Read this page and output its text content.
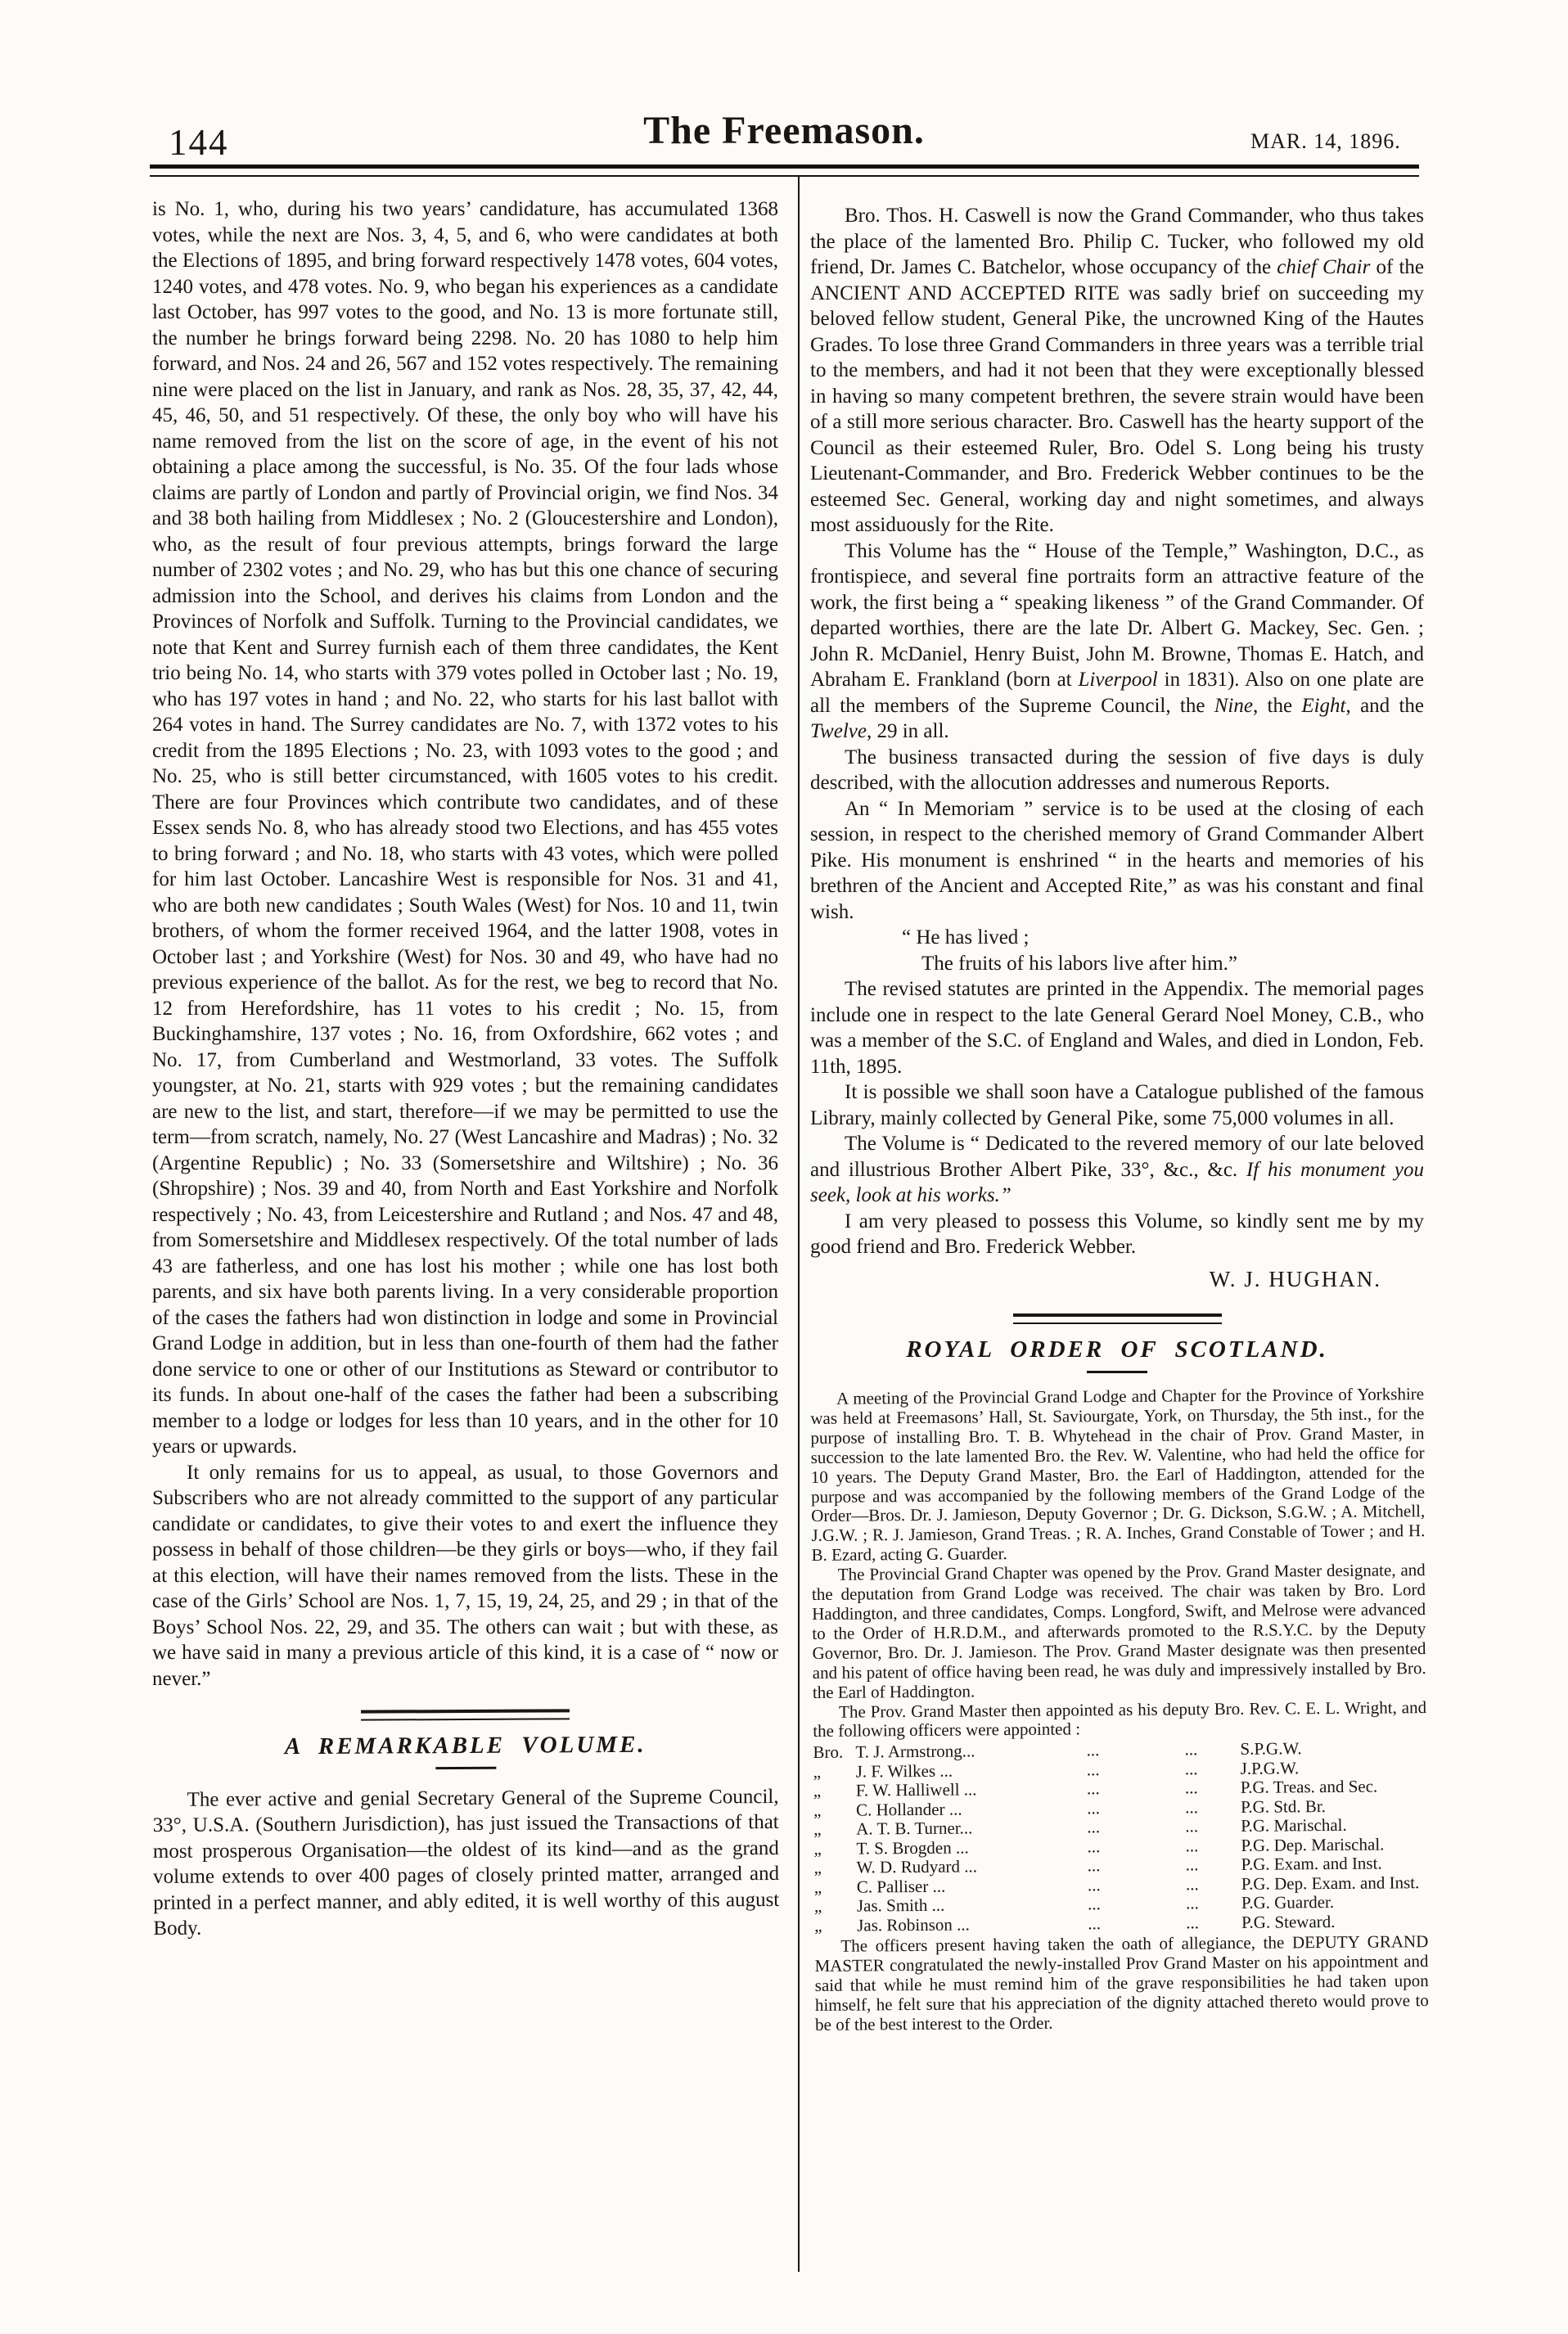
144	The Freemason.	MAR. 14, 1896.

is No. 1, who, during his two years’ candidature, has accumulated 1368 votes, while the next are Nos. 3, 4, 5, and 6, who were candidates at both the Elections of 1895, and bring forward respectively 1478 votes, 604 votes, 1240 votes, and 478 votes. No. 9, who began his experiences as a candidate last October, has 997 votes to the good, and No. 13 is more fortunate still, the number he brings forward being 2298. No. 20 has 1080 to help him forward, and Nos. 24 and 26, 567 and 152 votes respectively. The remaining nine were placed on the list in January, and rank as Nos. 28, 35, 37, 42, 44, 45, 46, 50, and 51 respectively. Of these, the only boy who will have his name removed from the list on the score of age, in the event of his not obtaining a place among the successful, is No. 35. Of the four lads whose claims are partly of London and partly of Provincial origin, we find Nos. 34 and 38 both hailing from Middlesex ; No. 2 (Gloucestershire and London), who, as the result of four previous attempts, brings forward the large number of 2302 votes ; and No. 29, who has but this one chance of securing admission into the School, and derives his claims from London and the Provinces of Norfolk and Suffolk. Turning to the Provincial candidates, we note that Kent and Surrey furnish each of them three candidates, the Kent trio being No. 14, who starts with 379 votes polled in October last ; No. 19, who has 197 votes in hand ; and No. 22, who starts for his last ballot with 264 votes in hand. The Surrey candidates are No. 7, with 1372 votes to his credit from the 1895 Elections ; No. 23, with 1093 votes to the good ; and No. 25, who is still better circumstanced, with 1605 votes to his credit. There are four Provinces which contribute two candidates, and of these Essex sends No. 8, who has already stood two Elections, and has 455 votes to bring forward ; and No. 18, who starts with 43 votes, which were polled for him last October. Lancashire West is responsible for Nos. 31 and 41, who are both new candidates ; South Wales (West) for Nos. 10 and 11, twin brothers, of whom the former received 1964, and the latter 1908, votes in October last ; and Yorkshire (West) for Nos. 30 and 49, who have had no previous experience of the ballot. As for the rest, we beg to record that No. 12 from Herefordshire, has 11 votes to his credit ; No. 15, from Buckinghamshire, 137 votes ; No. 16, from Oxfordshire, 662 votes ; and No. 17, from Cumberland and Westmorland, 33 votes. The Suffolk youngster, at No. 21, starts with 929 votes ; but the remaining candidates are new to the list, and start, therefore—if we may be permitted to use the term—from scratch, namely, No. 27 (West Lancashire and Madras) ; No. 32 (Argentine Republic) ; No. 33 (Somersetshire and Wiltshire) ; No. 36 (Shropshire) ; Nos. 39 and 40, from North and East Yorkshire and Norfolk respectively ; No. 43, from Leicestershire and Rutland ; and Nos. 47 and 48, from Somersetshire and Middlesex respectively. Of the total number of lads 43 are fatherless, and one has lost his mother ; while one has lost both parents, and six have both parents living. In a very considerable proportion of the cases the fathers had won distinction in lodge and some in Provincial Grand Lodge in addition, but in less than one-fourth of them had the father done service to one or other of our Institutions as Steward or contributor to its funds. In about one-half of the cases the father had been a subscribing member to a lodge or lodges for less than 10 years, and in the other for 10 years or upwards.

It only remains for us to appeal, as usual, to those Governors and Subscribers who are not already committed to the support of any particular candidate or candidates, to give their votes to and exert the influence they possess in behalf of those children—be they girls or boys—who, if they fail at this election, will have their names removed from the lists. These in the case of the Girls’ School are Nos. 1, 7, 15, 19, 24, 25, and 29 ; in that of the Boys’ School Nos. 22, 29, and 35. The others can wait ; but with these, as we have said in many a previous article of this kind, it is a case of “ now or never.”

A REMARKABLE VOLUME.

The ever active and genial Secretary General of the Supreme Council, 33°, U.S.A. (Southern Jurisdiction), has just issued the Transactions of that most prosperous Organisation—the oldest of its kind—and as the grand volume extends to over 400 pages of closely printed matter, arranged and printed in a perfect manner, and ably edited, it is well worthy of this august Body.

Bro. Thos. H. Caswell is now the Grand Commander, who thus takes the place of the lamented Bro. Philip C. Tucker, who followed my old friend, Dr. James C. Batchelor, whose occupancy of the chief Chair of the ANCIENT AND ACCEPTED RITE was sadly brief on succeeding my beloved fellow student, General Pike, the uncrowned King of the Hautes Grades. To lose three Grand Commanders in three years was a terrible trial to the members, and had it not been that they were exceptionally blessed in having so many competent brethren, the severe strain would have been of a still more serious character. Bro. Caswell has the hearty support of the Council as their esteemed Ruler, Bro. Odel S. Long being his trusty Lieutenant-Commander, and Bro. Frederick Webber continues to be the esteemed Sec. General, working day and night sometimes, and always most assiduously for the Rite.

This Volume has the “ House of the Temple,” Washington, D.C., as frontispiece, and several fine portraits form an attractive feature of the work, the first being a “ speaking likeness ” of the Grand Commander. Of departed worthies, there are the late Dr. Albert G. Mackey, Sec. Gen. ; John R. McDaniel, Henry Buist, John M. Browne, Thomas E. Hatch, and Abraham E. Frankland (born at Liverpool in 1831). Also on one plate are all the members of the Supreme Council, the Nine, the Eight, and the Twelve, 29 in all.

The business transacted during the session of five days is duly described, with the allocution addresses and numerous Reports.

An “ In Memoriam ” service is to be used at the closing of each session, in respect to the cherished memory of Grand Commander Albert Pike. His monument is enshrined “ in the hearts and memories of his brethren of the Ancient and Accepted Rite,” as was his constant and final wish.

“ He has lived ;
The fruits of his labors live after him.”

The revised statutes are printed in the Appendix. The memorial pages include one in respect to the late General Gerard Noel Money, C.B., who was a member of the S.C. of England and Wales, and died in London, Feb. 11th, 1895.

It is possible we shall soon have a Catalogue published of the famous Library, mainly collected by General Pike, some 75,000 volumes in all.

The Volume is “ Dedicated to the revered memory of our late beloved and illustrious Brother Albert Pike, 33°, &c., &c. If his monument you seek, look at his works.”

I am very pleased to possess this Volume, so kindly sent me by my good friend and Bro. Frederick Webber.

W. J. HUGHAN.

ROYAL ORDER OF SCOTLAND.

A meeting of the Provincial Grand Lodge and Chapter for the Province of Yorkshire was held at Freemasons’ Hall, St. Saviourgate, York, on Thursday, the 5th inst., for the purpose of installing Bro. T. B. Whytehead in the chair of Prov. Grand Master, in succession to the late lamented Bro. the Rev. W. Valentine, who had held the office for 10 years. The Deputy Grand Master, Bro. the Earl of Haddington, attended for the purpose and was accompanied by the following members of the Grand Lodge of the Order—Bros. Dr. J. Jamieson, Deputy Governor ; Dr. G. Dickson, S.G.W. ; A. Mitchell, J.G.W. ; R. J. Jamieson, Grand Treas. ; R. A. Inches, Grand Constable of Tower ; and H. B. Ezard, acting G. Guarder.

The Provincial Grand Chapter was opened by the Prov. Grand Master designate, and the deputation from Grand Lodge was received. The chair was taken by Bro. Lord Haddington, and three candidates, Comps. Longford, Swift, and Melrose were advanced to the Order of H.R.D.M., and afterwards promoted to the R.S.Y.C. by the Deputy Governor, Bro. Dr. J. Jamieson. The Prov. Grand Master designate was then presented and his patent of office having been read, he was duly and impressively installed by Bro. the Earl of Haddington.

The Prov. Grand Master then appointed as his deputy Bro. Rev. C. E. L. Wright, and the following officers were appointed :

Bro. T. J. Armstrong...	...	...	S.P.G.W.
„	J. F. Wilkes ...	...	...	J.P.G.W.
„	F. W. Halliwell ...	...	...	P.G. Treas. and Sec.
„	C. Hollander ...	...	...	P.G. Std. Br.
„	A. T. B. Turner...	...	...	P.G. Marischal.
„	T. S. Brogden ...	...	...	P.G. Dep. Marischal.
„	W. D. Rudyard ...	...	...	P.G. Exam. and Inst.
„	C. Palliser ...	...	...	P.G. Dep. Exam. and Inst.
„	Jas. Smith ...	...	...	P.G. Guarder.
„	Jas. Robinson ...	...	...	P.G. Steward.

The officers present having taken the oath of allegiance, the DEPUTY GRAND MASTER congratulated the newly-installed Prov Grand Master on his appointment and said that while he must remind him of the grave responsibilities he had taken upon himself, he felt sure that his appreciation of the dignity attached thereto would prove to be of the best interest to the Order.
